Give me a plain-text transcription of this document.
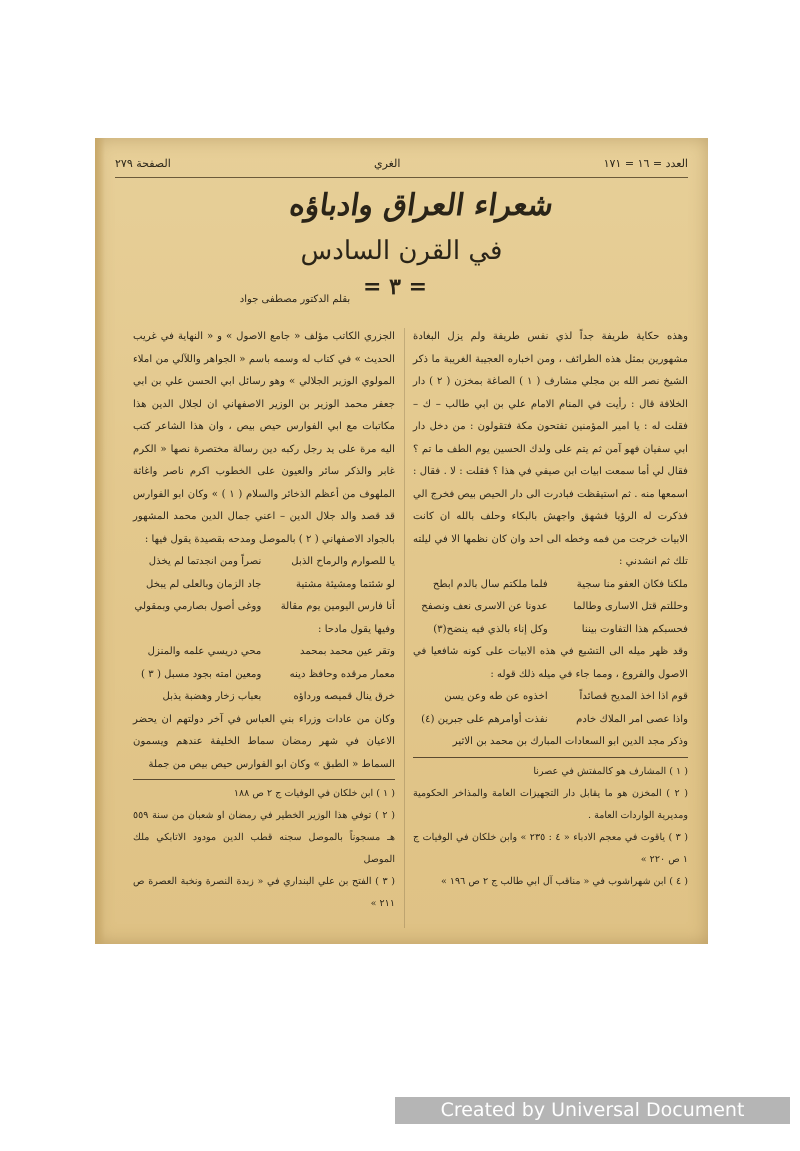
العدد = ١٦ = ١٧١
الغري
الصفحة ٢٧٩
شعراء العراق وادباؤه
في القرن السادس
= ٣ =
بقلم الدكتور مصطفى جواد

وهذه حكاية طريفة جداً لذي نفس طريفة ولم يزل البغادة مشهورين بمثل هذه الطرائف ، ومن اخباره العجيبة الغريبة ما ذكر الشيخ نصر الله بن مجلي مشارف ( ١ ) الصاغة بمخزن ( ٢ ) دار الخلافة قال : رأيت في المنام الامام علي بن ابي طالب – ك – فقلت له : يا امير المؤمنين تفتحون مكة فتقولون : من دخل دار ابي سفيان فهو آمن ثم يتم على ولدك الحسين يوم الطف ما تم ؟ فقال لي أما سمعت ابيات ابن صيفي في هذا ؟ فقلت : لا . فقال : اسمعها منه . ثم استيقظت فبادرت الى دار الحيص بيص فخرج الي فذكرت له الرؤيا فشهق واجهش بالبكاء وحلف بالله ان كانت الابيات خرجت من فمه وخطه الى احد وان كان نظمها الا في ليلته تلك ثم انشدني :

ملكنا فكان العفو منا سجية
فلما ملكتم سال بالدم ابطح
وحللتم قتل الاسارى وطالما
عدونا عن الاسرى نعف ونصفح
فحسبكم هذا التفاوت بيننا
وكل إناء بالذي فيه ينضح(٣)

وقد ظهر ميله الى التشيع في هذه الابيات على كونه شافعيا في الاصول والفروع ، ومما جاء في ميله ذلك قوله :

قوم اذا اخذ المديح قصائداً
اخذوه عن طه وعن يسن
واذا عصى امر الملاك خادم
نفذت أوامرهم على جبرين (٤)

وذكر مجد الدين ابو السعادات المبارك بن محمد بن الاثير

( ١ ) المشارف هو كالمفتش في عصرنا
( ٢ ) المخزن هو ما يقابل دار التجهيزات العامة والمذاخر الحكومية ومديرية الواردات العامة .
( ٣ ) ياقوت في معجم الادباء « ٤ : ٢٣٥ » وابن خلكان في الوفيات ج ١ ص ٢٢٠ »
( ٤ ) ابن شهراشوب في « مناقب آل ابي طالب ج ٢ ص ١٩٦ »

الجزري الكاتب مؤلف « جامع الاصول » و « النهاية في غريب الحديث » في كتاب له وسمه باسم « الجواهر واللآلي من املاء المولوي الوزير الجلالي » وهو رسائل ابي الحسن علي بن ابي جعفر محمد الوزير بن الوزير الاصفهاني ان لجلال الدين هذا مكاتبات مع ابي الفوارس حيص بيص ، وان هذا الشاعر كتب اليه مرة على يد رجل ركبه دين رسالة مختصرة نصها « الكرم غابر والذكر سائر والعيون على الخطوب اكرم ناصر واغاثة الملهوف من أعظم الذخائر والسلام ( ١ ) » وكان ابو الفوارس قد قصد والد جلال الدين – اعني جمال الدين محمد المشهور بالجواد الاصفهاني ( ٢ ) بالموصل ومدحه بقصيدة يقول فيها :

يا للصوارم والرماح الذبل
نصراً ومن انجدتما لم يخذل
لو شئتما ومشيئة مشتية
جاد الزمان وبالعلى لم يبخل
أنا فارس اليومين يوم مقالة
ووغى أصول بصارمي وبمقولي

وفيها يقول مادحا :

وتقر عين محمد بمحمد
محي دريسي علمه والمنزل
معمار مرقده وحافظ دينه
ومعين امته بجود مسبل ( ٣ )
خرق ينال قميصه ورداؤه
بعباب زخار وهضبة يذبل

وكان من عادات وزراء بني العباس في آخر دولتهم ان يحضر الاعيان في شهر رمضان سماط الخليفة عندهم ويسمون السماط « الطبق » وكان ابو الفوارس حيص بيص من جملة

( ١ ) ابن خلكان في الوفيات ج ٢ ص ١٨٨
( ٢ ) توفي هذا الوزير الخطير في رمضان او شعبان من سنة ٥٥٩ هـ مسجوناً بالموصل سجنه قطب الدين مودود الاتابكي ملك الموصل
( ٣ ) الفتح بن علي البنداري في « زبدة النصرة ونخبة العصرة ص ٢١١ »
Created by Universal Document Converter
